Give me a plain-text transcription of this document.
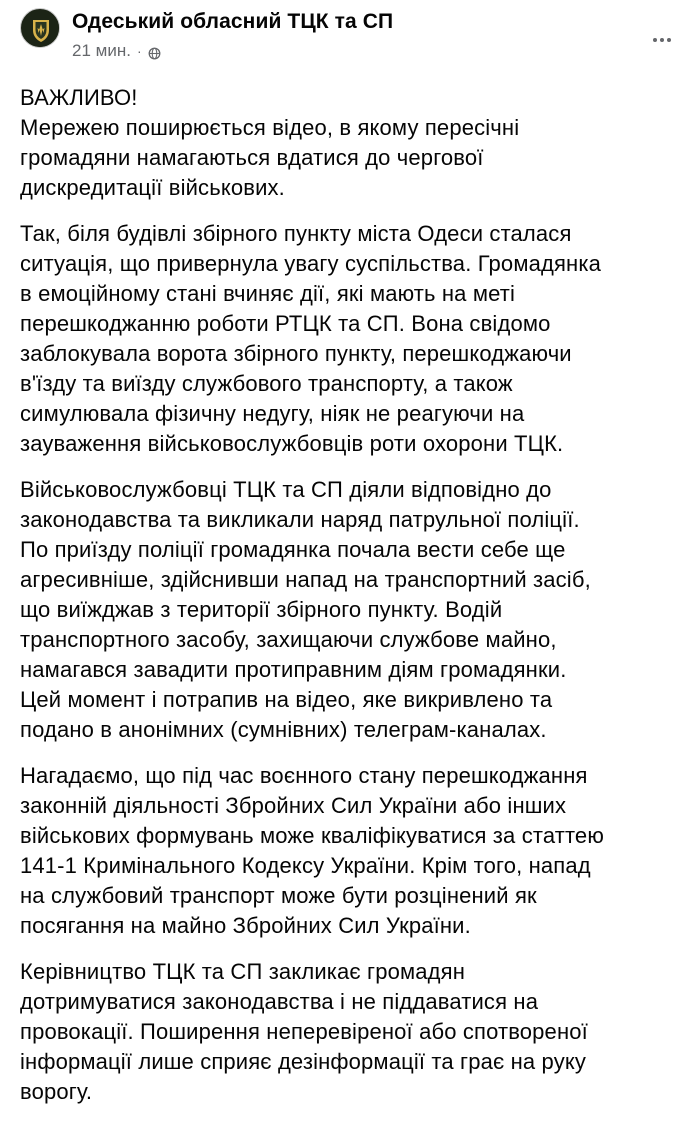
Одеський обласний ТЦК та СП
21 мин. ·

ВАЖЛИВО!
Мережею поширюється відео, в якому пересічні
громадяни намагаються вдатися до чергової
дискредитації військових.

Так, біля будівлі збірного пункту міста Одеси сталася
ситуація, що привернула увагу суспільства. Громадянка
в емоційному стані вчиняє дії, які мають на меті
перешкоджанню роботи РТЦК та СП. Вона свідомо
заблокувала ворота збірного пункту, перешкоджаючи
в'їзду та виїзду службового транспорту, а також
симулювала фізичну недугу, ніяк не реагуючи на
зауваження військовослужбовців роти охорони ТЦК.

Військовослужбовці ТЦК та СП діяли відповідно до
законодавства та викликали наряд патрульної поліції.
По приїзду поліції громадянка почала вести себе ще
агресивніше, здійснивши напад на транспортний засіб,
що виїжджав з території збірного пункту. Водій
транспортного засобу, захищаючи службове майно,
намагався завадити протиправним діям громадянки.
Цей момент і потрапив на відео, яке викривлено та
подано в анонімних (сумнівних) телеграм-каналах.

Нагадаємо, що під час воєнного стану перешкоджання
законній діяльності Збройних Сил України або інших
військових формувань може кваліфікуватися за статтею
141-1 Кримінального Кодексу України. Крім того, напад
на службовий транспорт може бути розцінений як
посягання на майно Збройних Сил України.

Керівництво ТЦК та СП закликає громадян
дотримуватися законодавства і не піддаватися на
провокації. Поширення неперевіреної або спотвореної
інформації лише сприяє дезінформації та грає на руку
ворогу.
